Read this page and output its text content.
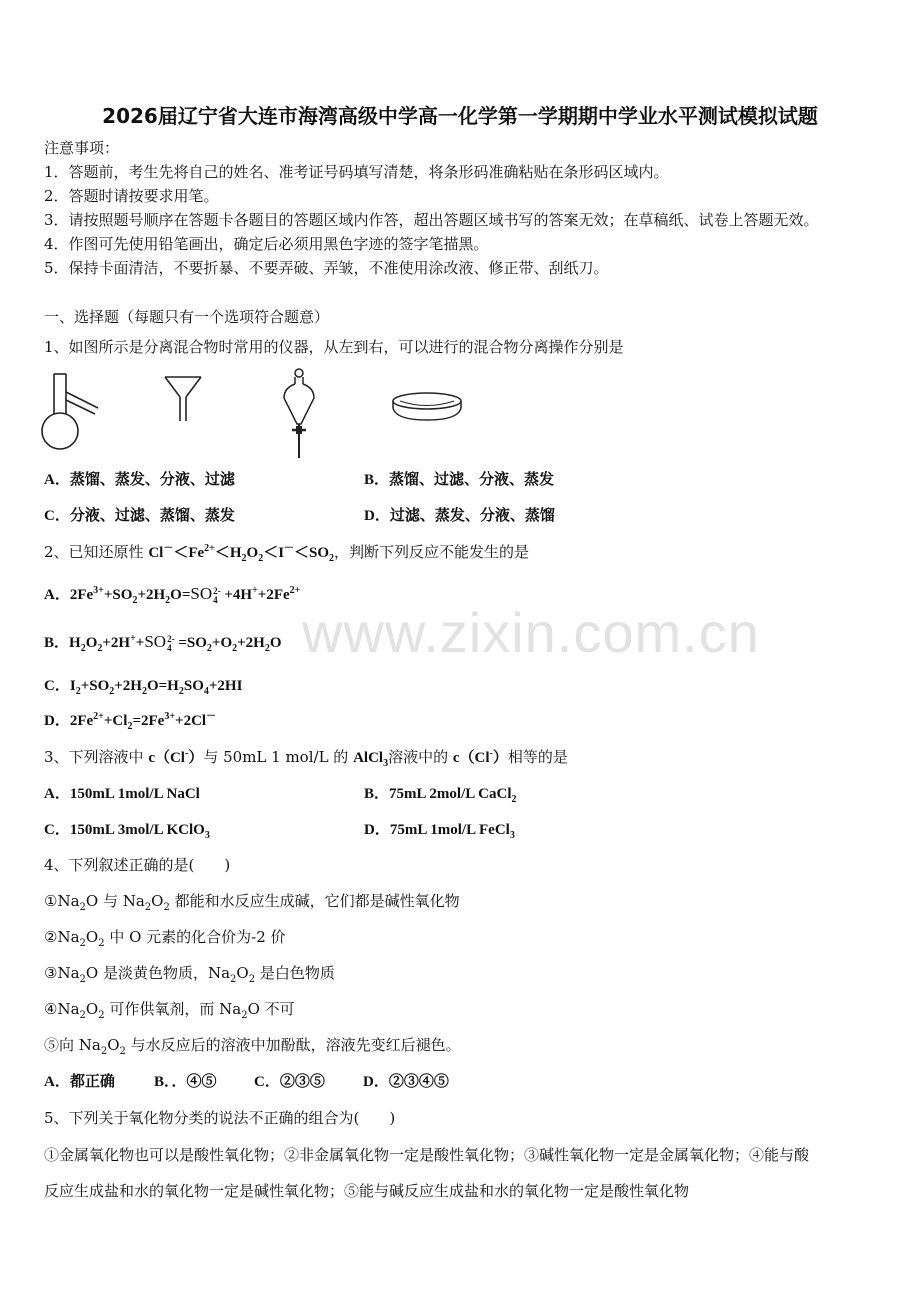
2026届辽宁省大连市海湾高级中学高一化学第一学期期中学业水平测试模拟试题
注意事项：
1．答题前，考生先将自己的姓名、准考证号码填写清楚，将条形码准确粘贴在条形码区域内。
2．答题时请按要求用笔。
3．请按照题号顺序在答题卡各题目的答题区域内作答，超出答题区域书写的答案无效；在草稿纸、试卷上答题无效。
4．作图可先使用铅笔画出，确定后必须用黑色字迹的签字笔描黑。
5．保持卡面清洁，不要折暴、不要弄破、弄皱，不准使用涂改液、修正带、刮纸刀。
一、选择题（每题只有一个选项符合题意）
1、如图所示是分离混合物时常用的仪器，从左到右，可以进行的混合物分离操作分别是
A．蒸馏、蒸发、分液、过滤	B．蒸馏、过滤、分液、蒸发
C．分液、过滤、蒸馏、蒸发	D．过滤、蒸发、分液、蒸馏
2、已知还原性 $Cl^-<Fe^{2+}<H_2O_2<I^-<SO_2$，判断下列反应不能发生的是
A．$2Fe^{3+}+SO_2+2H_2O=SO2-$
$4 +4H^++2Fe^{2+}$
B．$H_2O_2+2H^++SO2-$
$4 =SO_2+O_2+2H_2O$
C．$I_2+SO_2+2H_2O=H_2SO_4+2HI$
D．$2Fe^{2+}+Cl_2=2Fe^{3+}+2Cl^-$
www.zixin.com.cn
3、下列溶液中 c（Cl-）与 50mL 1 mol/L 的 AlCl$_3$溶液中的 c（Cl-）相等的是
A．150mL 1mol/L NaCl	B．75mL 2mol/L CaCl$_2$
C．150mL 3mol/L KClO$_3$	D．75mL 1mol/L FeCl$_3$
4、下列叙述正确的是(　　)
$①Na_2O$ 与 $Na_2O_2$ 都能和水反应生成碱，它们都是碱性氧化物
$②Na_2O_2$ 中 O 元素的化合价为-2 价
$③Na_2O$ 是淡黄色物质，$Na_2O_2$ 是白色物质
$④Na_2O_2$ 可作供氧剂，而 $Na_2O$ 不可
⑤向 $Na_2O_2$ 与水反应后的溶液中加酚酞，溶液先变红后褪色。
A．都正确	B．．④⑤ C．②③⑤	D．②③④⑤
5、下列关于氧化物分类的说法不正确的组合为(　　)
①金属氧化物也可以是酸性氧化物；②非金属氧化物一定是酸性氧化物；③碱性氧化物一定是金属氧化物；④能与酸
反应生成盐和水的氧化物一定是碱性氧化物；⑤能与碱反应生成盐和水的氧化物一定是酸性氧化物
